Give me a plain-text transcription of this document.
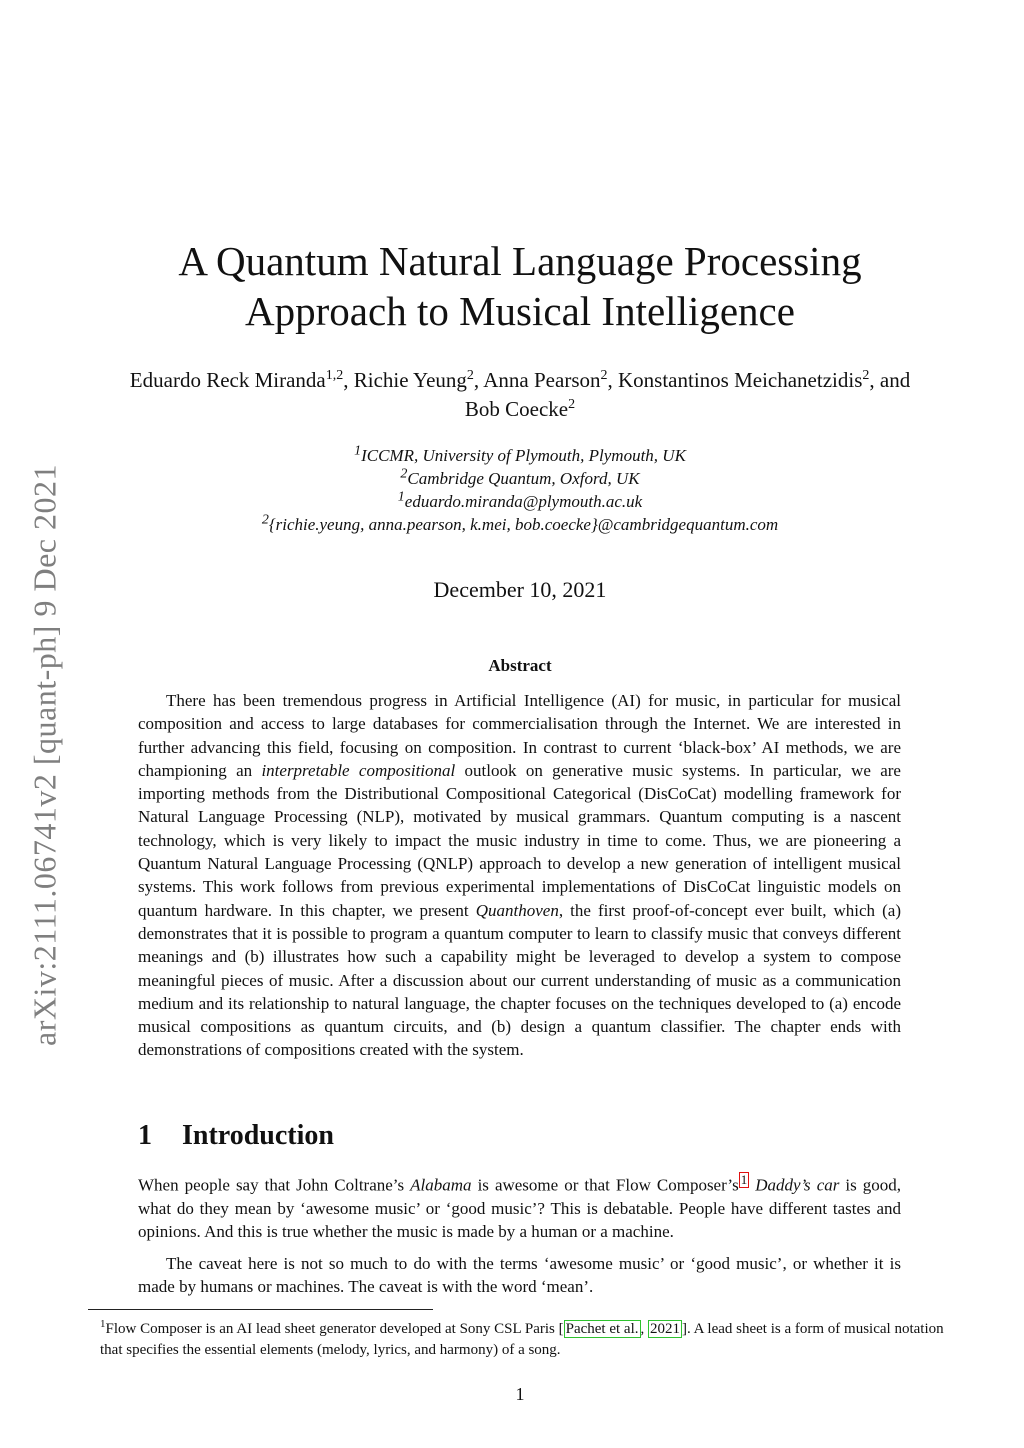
arXiv:2111.06741v2 [quant-ph] 9 Dec 2021
A Quantum Natural Language Processing
Approach to Musical Intelligence
Eduardo Reck Miranda$^{1,2}$, Richie Yeung$^2$, Anna Pearson$^2$, Konstantinos Meichanetzidis$^2$, and Bob Coecke$^2$
$^1$ICCMR, University of Plymouth, Plymouth, UK
$^2$Cambridge Quantum, Oxford, UK
$^1$eduardo.miranda@plymouth.ac.uk
$^2${richie.yeung, anna.pearson, k.mei, bob.coecke}@cambridgequantum.com
December 10, 2021
Abstract

There has been tremendous progress in Artificial Intelligence (AI) for music, in particular for musical composition and access to large databases for commercialisation through the Internet. We are interested in further advancing this field, focusing on composition. In contrast to current ‘black-box’ AI methods, we are championing an interpretable compositional outlook on generative music systems. In particular, we are importing methods from the Distributional Compositional Categorical (DisCoCat) modelling framework for Natural Language Processing (NLP), motivated by musical grammars. Quantum computing is a nascent technology, which is very likely to impact the music industry in time to come. Thus, we are pioneering a Quantum Natural Language Processing (QNLP) approach to develop a new generation of intelligent musical systems. This work follows from previous experimental implementations of DisCoCat linguistic models on quantum hardware. In this chapter, we present Quanthoven, the first proof-of-concept ever built, which (a) demonstrates that it is possible to program a quantum computer to learn to classify music that conveys different meanings and (b) illustrates how such a capability might be leveraged to develop a system to compose meaningful pieces of music. After a discussion about our current understanding of music as a communication medium and its relationship to natural language, the chapter focuses on the techniques developed to (a) encode musical compositions as quantum circuits, and (b) design a quantum classifier. The chapter ends with demonstrations of compositions created with the system.

1 Introduction

When people say that John Coltrane’s Alabama is awesome or that Flow Composer’s 1 Daddy’s car is good, what do they mean by ‘awesome music’ or ‘good music’? This is debatable. People have different tastes and opinions. And this is true whether the music is made by a human or a machine.

The caveat here is not so much to do with the terms ‘awesome music’ or ‘good music’, or whether it is made by humans or machines. The caveat is with the word ‘mean’.

$^1$Flow Composer is an AI lead sheet generator developed at Sony CSL Paris [ Pachet et al. , 2021 ]. A lead sheet is a form of musical notation that specifies the essential elements (melody, lyrics, and harmony) of a song.

1
